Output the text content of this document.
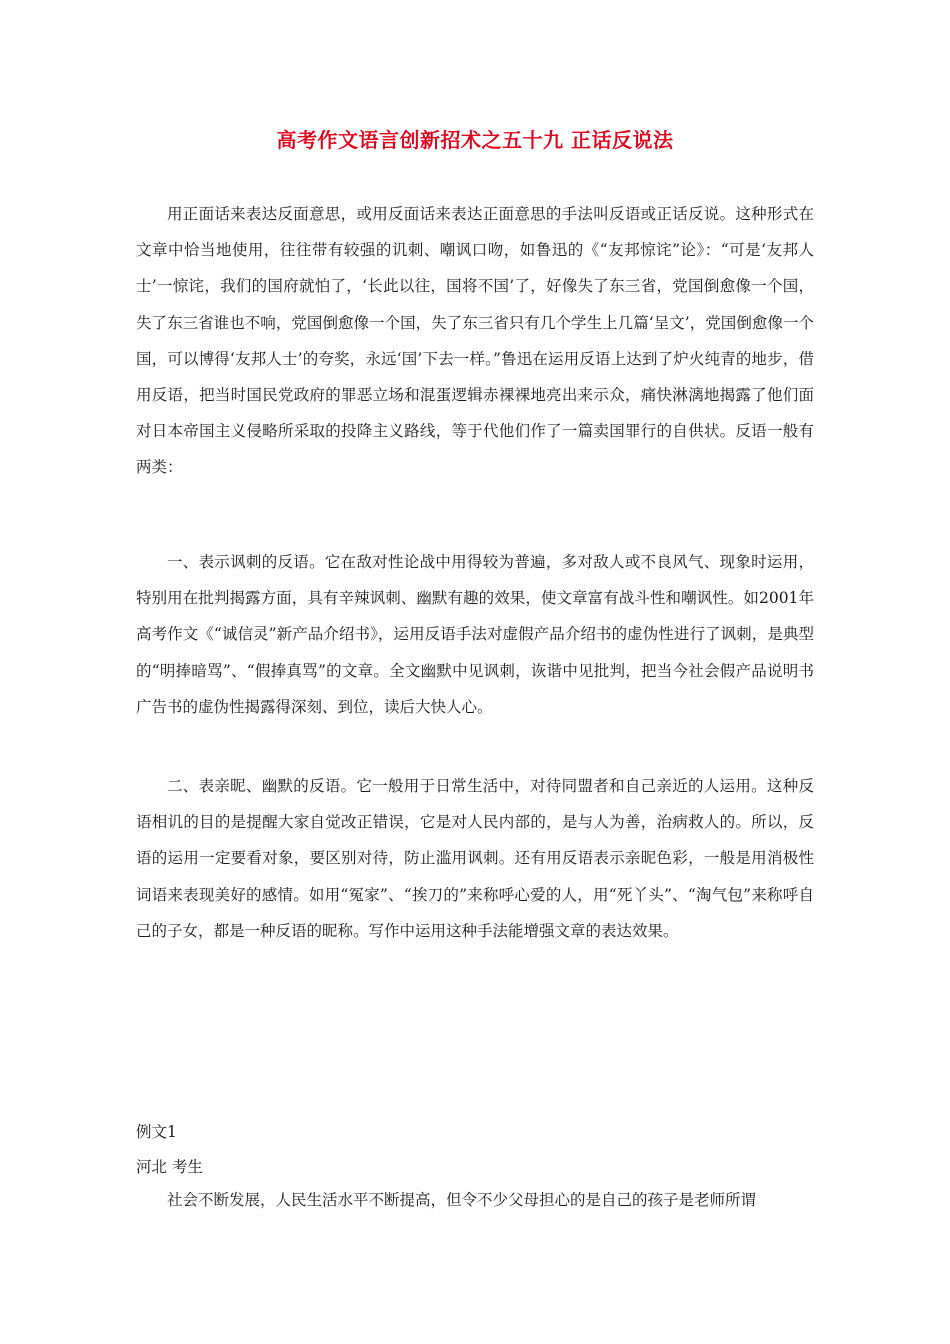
高考作文语言创新招术之五十九 正话反说法

用正面话来表达反面意思，或用反面话来表达正面意思的手法叫反语或正话反说。这种形式在文章中恰当地使用，往往带有较强的讥刺、嘲讽口吻，如鲁迅的《“友邦惊诧”论》：“可是‘友邦人士’一惊诧，我们的国府就怕了，‘长此以往，国将不国’了，好像失了东三省，党国倒愈像一个国，失了东三省谁也不响，党国倒愈像一个国，失了东三省只有几个学生上几篇‘呈文’，党国倒愈像一个国，可以博得‘友邦人士’的夸奖，永远‘国’下去一样。”鲁迅在运用反语上达到了炉火纯青的地步，借用反语，把当时国民党政府的罪恶立场和混蛋逻辑赤裸裸地亮出来示众，痛快淋漓地揭露了他们面对日本帝国主义侵略所采取的投降主义路线，等于代他们作了一篇卖国罪行的自供状。反语一般有两类：

一、表示讽刺的反语。它在敌对性论战中用得较为普遍，多对敌人或不良风气、现象时运用，特别用在批判揭露方面，具有辛辣讽刺、幽默有趣的效果，使文章富有战斗性和嘲讽性。如2001年高考作文《“诚信灵”新产品介绍书》，运用反语手法对虚假产品介绍书的虚伪性进行了讽刺，是典型的“明捧暗骂”、“假捧真骂”的文章。全文幽默中见讽刺，诙谐中见批判，把当今社会假产品说明书广告书的虚伪性揭露得深刻、到位，读后大快人心。

二、表亲昵、幽默的反语。它一般用于日常生活中，对待同盟者和自己亲近的人运用。这种反语相讥的目的是提醒大家自觉改正错误，它是对人民内部的，是与人为善，治病救人的。所以，反语的运用一定要看对象，要区别对待，防止滥用讽刺。还有用反语表示亲昵色彩，一般是用消极性词语来表现美好的感情。如用“冤家”、“挨刀的”来称呼心爱的人，用“死丫头”、“淘气包”来称呼自己的子女，都是一种反语的昵称。写作中运用这种手法能增强文章的表达效果。

例文1
河北 考生
社会不断发展，人民生活水平不断提高，但令不少父母担心的是自己的孩子是老师所谓
